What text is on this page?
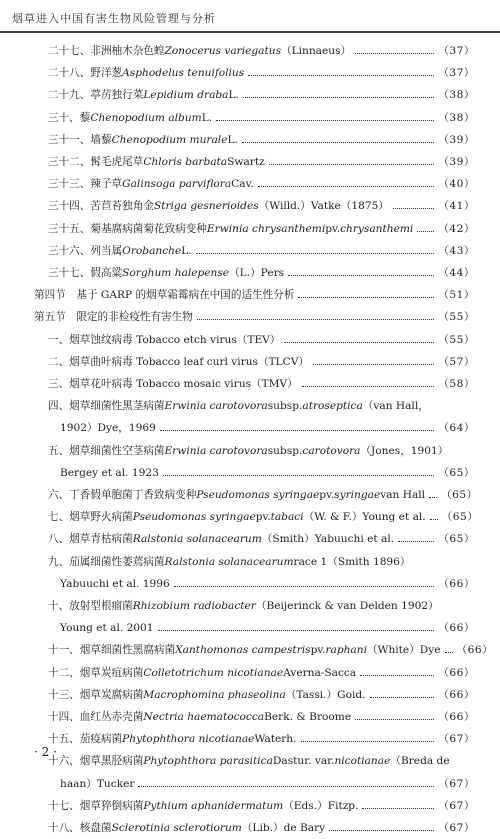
烟草进入中国有害生物风险管理与分析
二十七、非洲柚木杂色蝗 Zonocerus variegatus （Linnaeus）	（37）
二十八、野洋葱 Asphodelus tenuifolius	（37）
二十九、葶苈独行菜 Lepidium draba L.	（38）
三十、藜 Chenopodium album L.	（38）
三十一、墙藜 Chenopodium murale L.	（39）
三十二、髯毛虎尾草 Chloris barbata Swartz	（39）
三十三、辣子草 Galinsoga parviflora Cav.	（40）
三十四、苦苣苔独角金 Striga gesnerioides （Willd.）Vatke（1875）	（41）
三十五、菊基腐病菌菊花致病变种 Erwinia chrysanthemi pv. chrysanthemi （42）
三十六、列当属 Orobanche L.	（43）
三十七、假高粱 Sorghum halepense （L.）Pers	（44）
第四节　基于 GARP 的烟草霜霉病在中国的适生性分析	（51）
第五节　限定的非检疫性有害生物	（55）
一、烟草蚀纹病毒 Tobacco etch virus（TEV）	（55）
二、烟草曲叶病毒 Tobacco leaf curl virus（TLCV）	（57）
三、烟草花叶病毒 Tobacco mosaic virus（TMV）	（58）
四、烟草细菌性黑茎病菌 Erwinia carotovora subsp. atroseptica （van Hall，
1902）Dye，1969	（64）
五、烟草细菌性空茎病菌 Erwinia carotovora subsp. carotovora （Jones，1901）
Bergey et al. 1923	（65）
六、丁香假单胞菌丁香致病变种 Pseudomonas syringae pv. syringae van Hall （65）
七、烟草野火病菌 Pseudomonas syringae pv. tabaci （W. & F.）Young et al. （65）
八、烟草青枯病菌 Ralstonia solanacearum （Smith）Yabuuchi et al.	（65）
九、茄属细菌性萎蔫病菌 Ralstonia solanacearum race 1（Smith 1896）
Yabuuchi et al. 1996	（66）
十、放射型根瘤菌 Rhizobium radiobacter （Beijerinck & van Delden 1902）
Young et al. 2001	（66）
十一、烟草细菌性黑腐病菌 Xanthomonas campestris pv. raphani （White）Dye （66）
十二、烟草炭疽病菌 Colletotrichum nicotianae Averna-Sacca	（66）
十三、烟草炭腐病菌 Macrophomina phaseolina （Tassi.）Goid.	（66）
十四、血红丛赤壳菌 Nectria haematococca Berk. & Broome	（66）
十五、茄疫病菌 Phytophthora nicotianae Waterh.	（67）
十六、烟草黑胫病菌 Phytophthora parasitica Dastur. var. nicotianae （Breda de
haan）Tucker	（67）
十七、烟草猝倒病菌 Pythium aphanidermatum （Eds.）Fitzp.	（67）
十八、核盘菌 Sclerotinia sclerotiorum （Lib.）de Bary	（67）
· 2 ·
